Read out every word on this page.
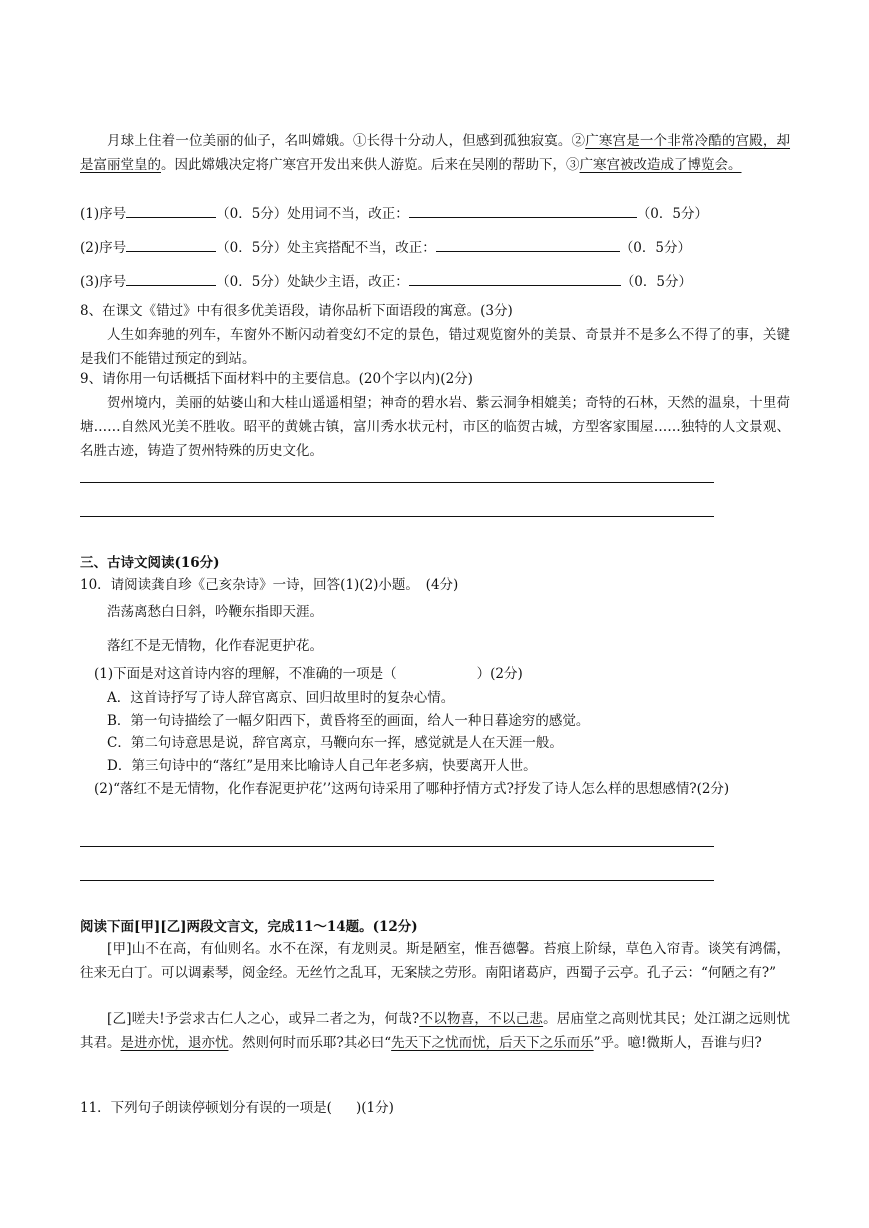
月球上住着一位美丽的仙子，名叫嫦娥。①长得十分动人，但感到孤独寂寞。②广寒宫是一个非常冷酷的宫殿，却是富丽堂皇的。因此嫦娥决定将广寒宫开发出来供人游览。后来在吴刚的帮助下，③广寒宫被改造成了博览会。
(1)序号	（0．5分）处用词不当，改正：	（0．5分）
(2)序号	（0．5分）处主宾搭配不当，改正：	（0．5分）
(3)序号	（0．5分）处缺少主语，改正：	（0．5分）
8、在课文《错过》中有很多优美语段，请你品析下面语段的寓意。(3分)
人生如奔驰的列车，车窗外不断闪动着变幻不定的景色，错过观览窗外的美景、奇景并不是多么不得了的事，关键是我们不能错过预定的到站。
9、请你用一句话概括下面材料中的主要信息。(20个字以内)(2分)
贺州境内，美丽的姑婆山和大桂山遥遥相望；神奇的碧水岩、紫云洞争相媲美；奇特的石林，天然的温泉，十里荷塘……自然风光美不胜收。昭平的黄姚古镇，富川秀水状元村，市区的临贺古城，方型客家围屋……独特的人文景观、名胜古迹，铸造了贺州特殊的历史文化。
三、古诗文阅读(16分)
10．请阅读龚自珍《己亥杂诗》一诗，回答(1)(2)小题。　(4分)
浩荡离愁白日斜，吟鞭东指即天涯。
落红不是无情物，化作春泥更护花。
(1)下面是对这首诗内容的理解，不准确的一项是（	）(2分)
A．这首诗抒写了诗人辞官离京、回归故里时的复杂心情。
B．第一句诗描绘了一幅夕阳西下，黄昏将至的画面，给人一种日暮途穷的感觉。
C．第二句诗意思是说，辞官离京，马鞭向东一挥，感觉就是人在天涯一般。
D．第三句诗中的“落红”是用来比喻诗人自己年老多病，快要离开人世。
(2)“落红不是无情物，化作春泥更护花’’这两句诗采用了哪种抒情方式?抒发了诗人怎么样的思想感情?(2分)
阅读下面[甲][乙]两段文言文，完成11～14题。(12分)
[甲]山不在高，有仙则名。水不在深，有龙则灵。斯是陋室，惟吾德馨。苔痕上阶绿，草色入帘青。谈笑有鸿儒，往来无白丁。可以调素琴，阅金经。无丝竹之乱耳，无案牍之劳形。南阳诸葛庐，西蜀子云亭。孔子云：“何陋之有?”
[乙]嗟夫!予尝求古仁人之心，或异二者之为，何哉?不以物喜，不以己悲。居庙堂之高则忧其民；处江湖之远则忧其君。是进亦忧，退亦忧。然则何时而乐耶?其必曰“先天下之忧而忧，后天下之乐而乐”乎。噫!微斯人，吾谁与归?
11．下列句子朗读停顿划分有误的一项是( )(1分)
